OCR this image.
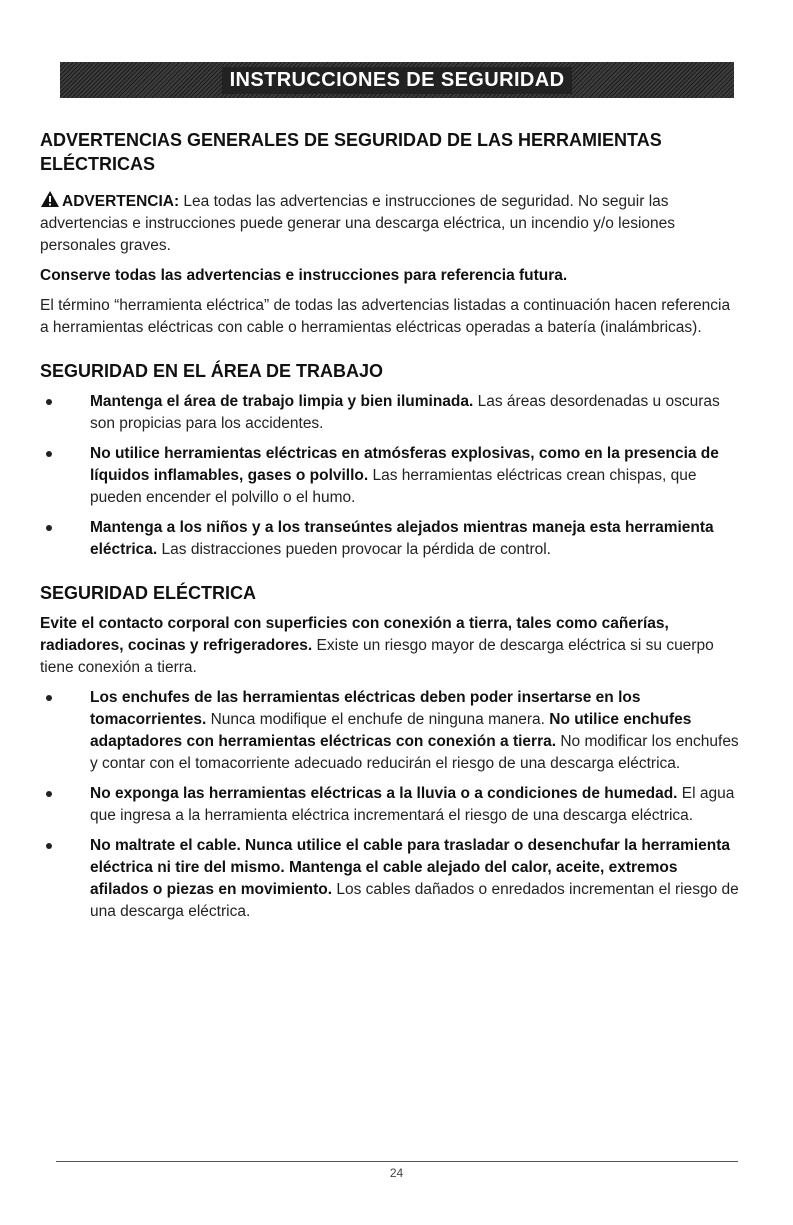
INSTRUCCIONES DE SEGURIDAD
ADVERTENCIAS GENERALES DE SEGURIDAD DE LAS HERRAMIENTAS ELÉCTRICAS

ADVERTENCIA: Lea todas las advertencias e instrucciones de seguridad. No seguir las advertencias e instrucciones puede generar una descarga eléctrica, un incendio y/o lesiones personales graves.

Conserve todas las advertencias e instrucciones para referencia futura.

El término “herramienta eléctrica” de todas las advertencias listadas a continuación hacen referencia a herramientas eléctricas con cable o herramientas eléctricas operadas a batería (inalámbricas).

SEGURIDAD EN EL ÁREA DE TRABAJO
Mantenga el área de trabajo limpia y bien iluminada. Las áreas desordenadas u oscuras son propicias para los accidentes.
No utilice herramientas eléctricas en atmósferas explosivas, como en la presencia de líquidos inflamables, gases o polvillo. Las herramientas eléctricas crean chispas, que pueden encender el polvillo o el humo.
Mantenga a los niños y a los transeúntes alejados mientras maneja esta herramienta eléctrica. Las distracciones pueden provocar la pérdida de control.
SEGURIDAD ELÉCTRICA

Evite el contacto corporal con superficies con conexión a tierra, tales como cañerías, radiadores, cocinas y refrigeradores. Existe un riesgo mayor de descarga eléctrica si su cuerpo tiene conexión a tierra.

Los enchufes de las herramientas eléctricas deben poder insertarse en los tomacorrientes. Nunca modifique el enchufe de ninguna manera. No utilice enchufes adaptadores con herramientas eléctricas con conexión a tierra. No modificar los enchufes y contar con el tomacorriente adecuado reducirán el riesgo de una descarga eléctrica.
No exponga las herramientas eléctricas a la lluvia o a condiciones de humedad. El agua que ingresa a la herramienta eléctrica incrementará el riesgo de una descarga eléctrica.
No maltrate el cable. Nunca utilice el cable para trasladar o desenchufar la herramienta eléctrica ni tire del mismo. Mantenga el cable alejado del calor, aceite, extremos afilados o piezas en movimiento. Los cables dañados o enredados incrementan el riesgo de una descarga eléctrica.
24
